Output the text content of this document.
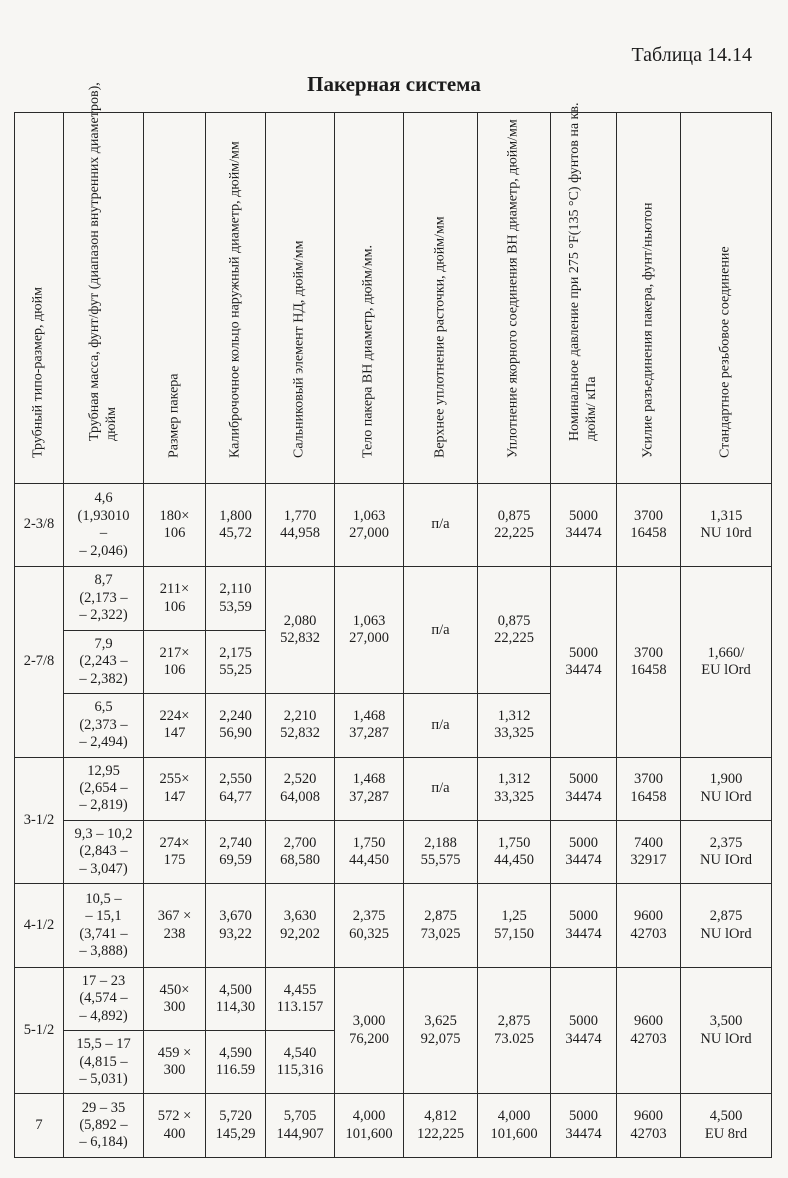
Таблица 14.14
Пакерная система
Трубный типо-размер, дюйм	Трубная масса, фунт/фут (диапазон внутренних диаметров), дюйм	Размер пакера	Калиброчочное кольцо наружный диаметр, дюйм/мм	Сальниковый элемент НД, дюйм/мм	Тело пакера ВН диаметр, дюйм/мм.	Верхнее уплотнение расточки, дюйм/мм	Уплотнение якорного соединения ВН диаметр, дюйм/мм	Номинальное давление при 275 °F(135 °С) фунтов на кв. дюйм/ кПа	Усилие разъединения пакера, фунт/ньютон	Стандартное резьбовое соединение

2-3/8	4,6
(1,93010
–
– 2,046)	180×
106	1,800
45,72	1,770
44,958	1,063
27,000	п/а	0,875
22,225	5000
34474	3700
16458	1,315
NU 10rd

2-7/8	8,7
(2,173 –
– 2,322)	211×
106	2,110
53,59	2,080
52,832	1,063
27,000	п/а	0,875
22,225	5000
34474	3700
16458	1,660/
EU lOrd

	7,9
(2,243 –
– 2,382)	217×
106	2,175
55,25							

	6,5
(2,373 –
– 2,494)	224×
147	2,240
56,90	2,210
52,832	1,468
37,287	п/а	1,312
33,325			

3-1/2	12,95
(2,654 –
– 2,819)	255×
147	2,550
64,77	2,520
64,008	1,468
37,287	п/а	1,312
33,325	5000
34474	3700
16458	1,900
NU lOrd

	9,3 – 10,2
(2,843 –
– 3,047)	274×
175	2,740
69,59	2,700
68,580	1,750
44,450	2,188
55,575	1,750
44,450	5000
34474	7400
32917	2,375
NU IOrd

4-1/2	10,5 –
– 15,1
(3,741 –
– 3,888)	367 ×
238	3,670
93,22	3,630
92,202	2,375
60,325	2,875
73,025	1,25
57,150	5000
34474	9600
42703	2,875
NU lOrd

5-1/2	17 – 23
(4,574 –
– 4,892)	450×
300	4,500
114,30	4,455
113.157	3,000
76,200	3,625
92,075	2,875
73.025	5000
34474	9600
42703	3,500
NU lOrd

	15,5 – 17
(4,815 –
– 5,031)	459 ×
300	4,590
116.59	4,540
115,316						

7	29 – 35
(5,892 –
– 6,184)	572 ×
400	5,720
145,29	5,705
144,907	4,000
101,600	4,812
122,225	4,000
101,600	5000
34474	9600
42703	4,500
EU 8rd
